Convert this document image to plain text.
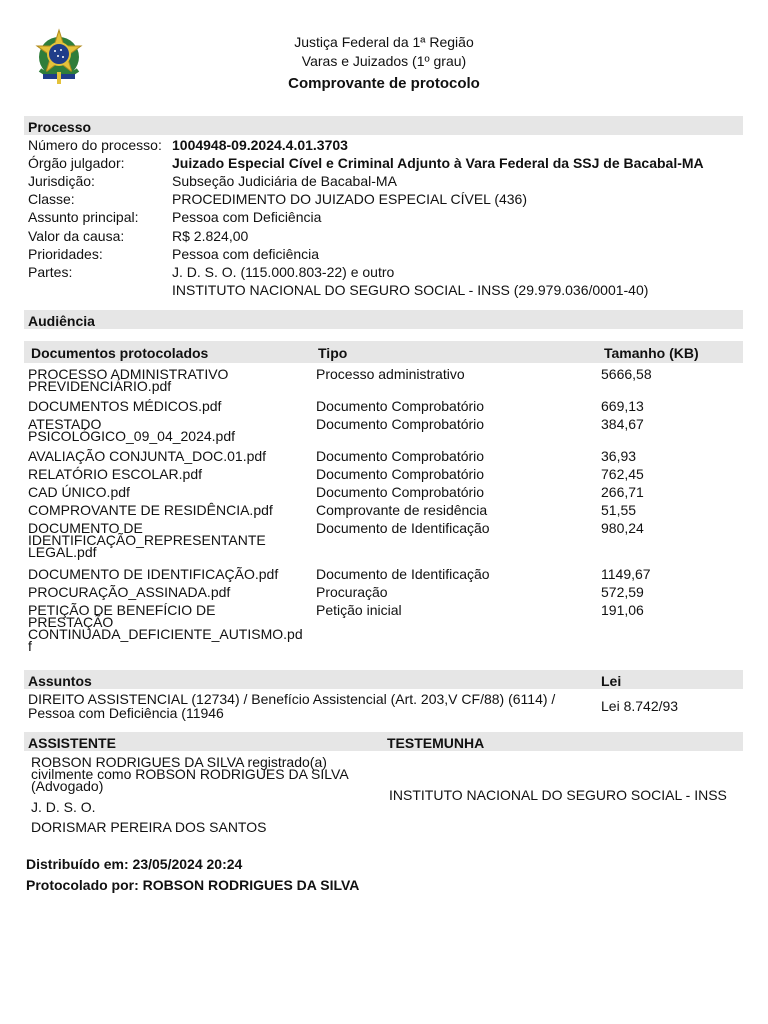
Justiça Federal da 1ª Região
Varas e Juizados (1º grau)
Comprovante de protocolo
Processo
Número do processo: 1004948-09.2024.4.01.3703
Órgão julgador:	Juizado Especial Cível e Criminal Adjunto à Vara Federal da SSJ de Bacabal-MA
Jurisdição:	Subseção Judiciária de Bacabal-MA
Classe:	PROCEDIMENTO DO JUIZADO ESPECIAL CÍVEL (436)
Assunto principal: Pessoa com Deficiência
Valor da causa:	R$ 2.824,00
Prioridades:	Pessoa com deficiência
Partes:	J. D. S. O. (115.000.803-22) e outro
INSTITUTO NACIONAL DO SEGURO SOCIAL - INSS (29.979.036/0001-40)
Audiência
Documentos protocolados	Tipo	Tamanho (KB)
PROCESSO ADMINISTRATIVO
PREVIDENCIÁRIO.pdf
Processo administrativo	5666,58
DOCUMENTOS MÉDICOS.pdf	Documento Comprobatório	669,13
ATESTADO
PSICOLÓGICO_09_04_2024.pdf
Documento Comprobatório	384,67
AVALIAÇÃO CONJUNTA_DOC.01.pdf	Documento Comprobatório	36,93
RELATÓRIO ESCOLAR.pdf	Documento Comprobatório	762,45
CAD ÚNICO.pdf	Documento Comprobatório	266,71
COMPROVANTE DE RESIDÊNCIA.pdf	Comprovante de residência	51,55
DOCUMENTO DE
IDENTIFICAÇÃO_REPRESENTANTE
LEGAL.pdf
Documento de Identificação	980,24
DOCUMENTO DE IDENTIFICAÇÃO.pdf	Documento de Identificação	1149,67
PROCURAÇÃO_ASSINADA.pdf	Procuração	572,59
PETIÇÃO DE BENEFÍCIO DE
PRESTAÇÃO
CONTINUADA_DEFICIENTE_AUTISMO.pd
f
Petição inicial	191,06
Assuntos	Lei
DIREITO ASSISTENCIAL (12734) / Benefício Assistencial (Art. 203,V CF/88) (6114) /
Pessoa com Deficiência (11946	Lei 8.742/93
ASSISTENTE	TESTEMUNHA
ROBSON RODRIGUES DA SILVA registrado(a)
civilmente como ROBSON RODRIGUES DA SILVA
(Advogado)
J. D. S. O.
DORISMAR PEREIRA DOS SANTOS
INSTITUTO NACIONAL DO SEGURO SOCIAL - INSS
Distribuído em: 23/05/2024 20:24
Protocolado por: ROBSON RODRIGUES DA SILVA
